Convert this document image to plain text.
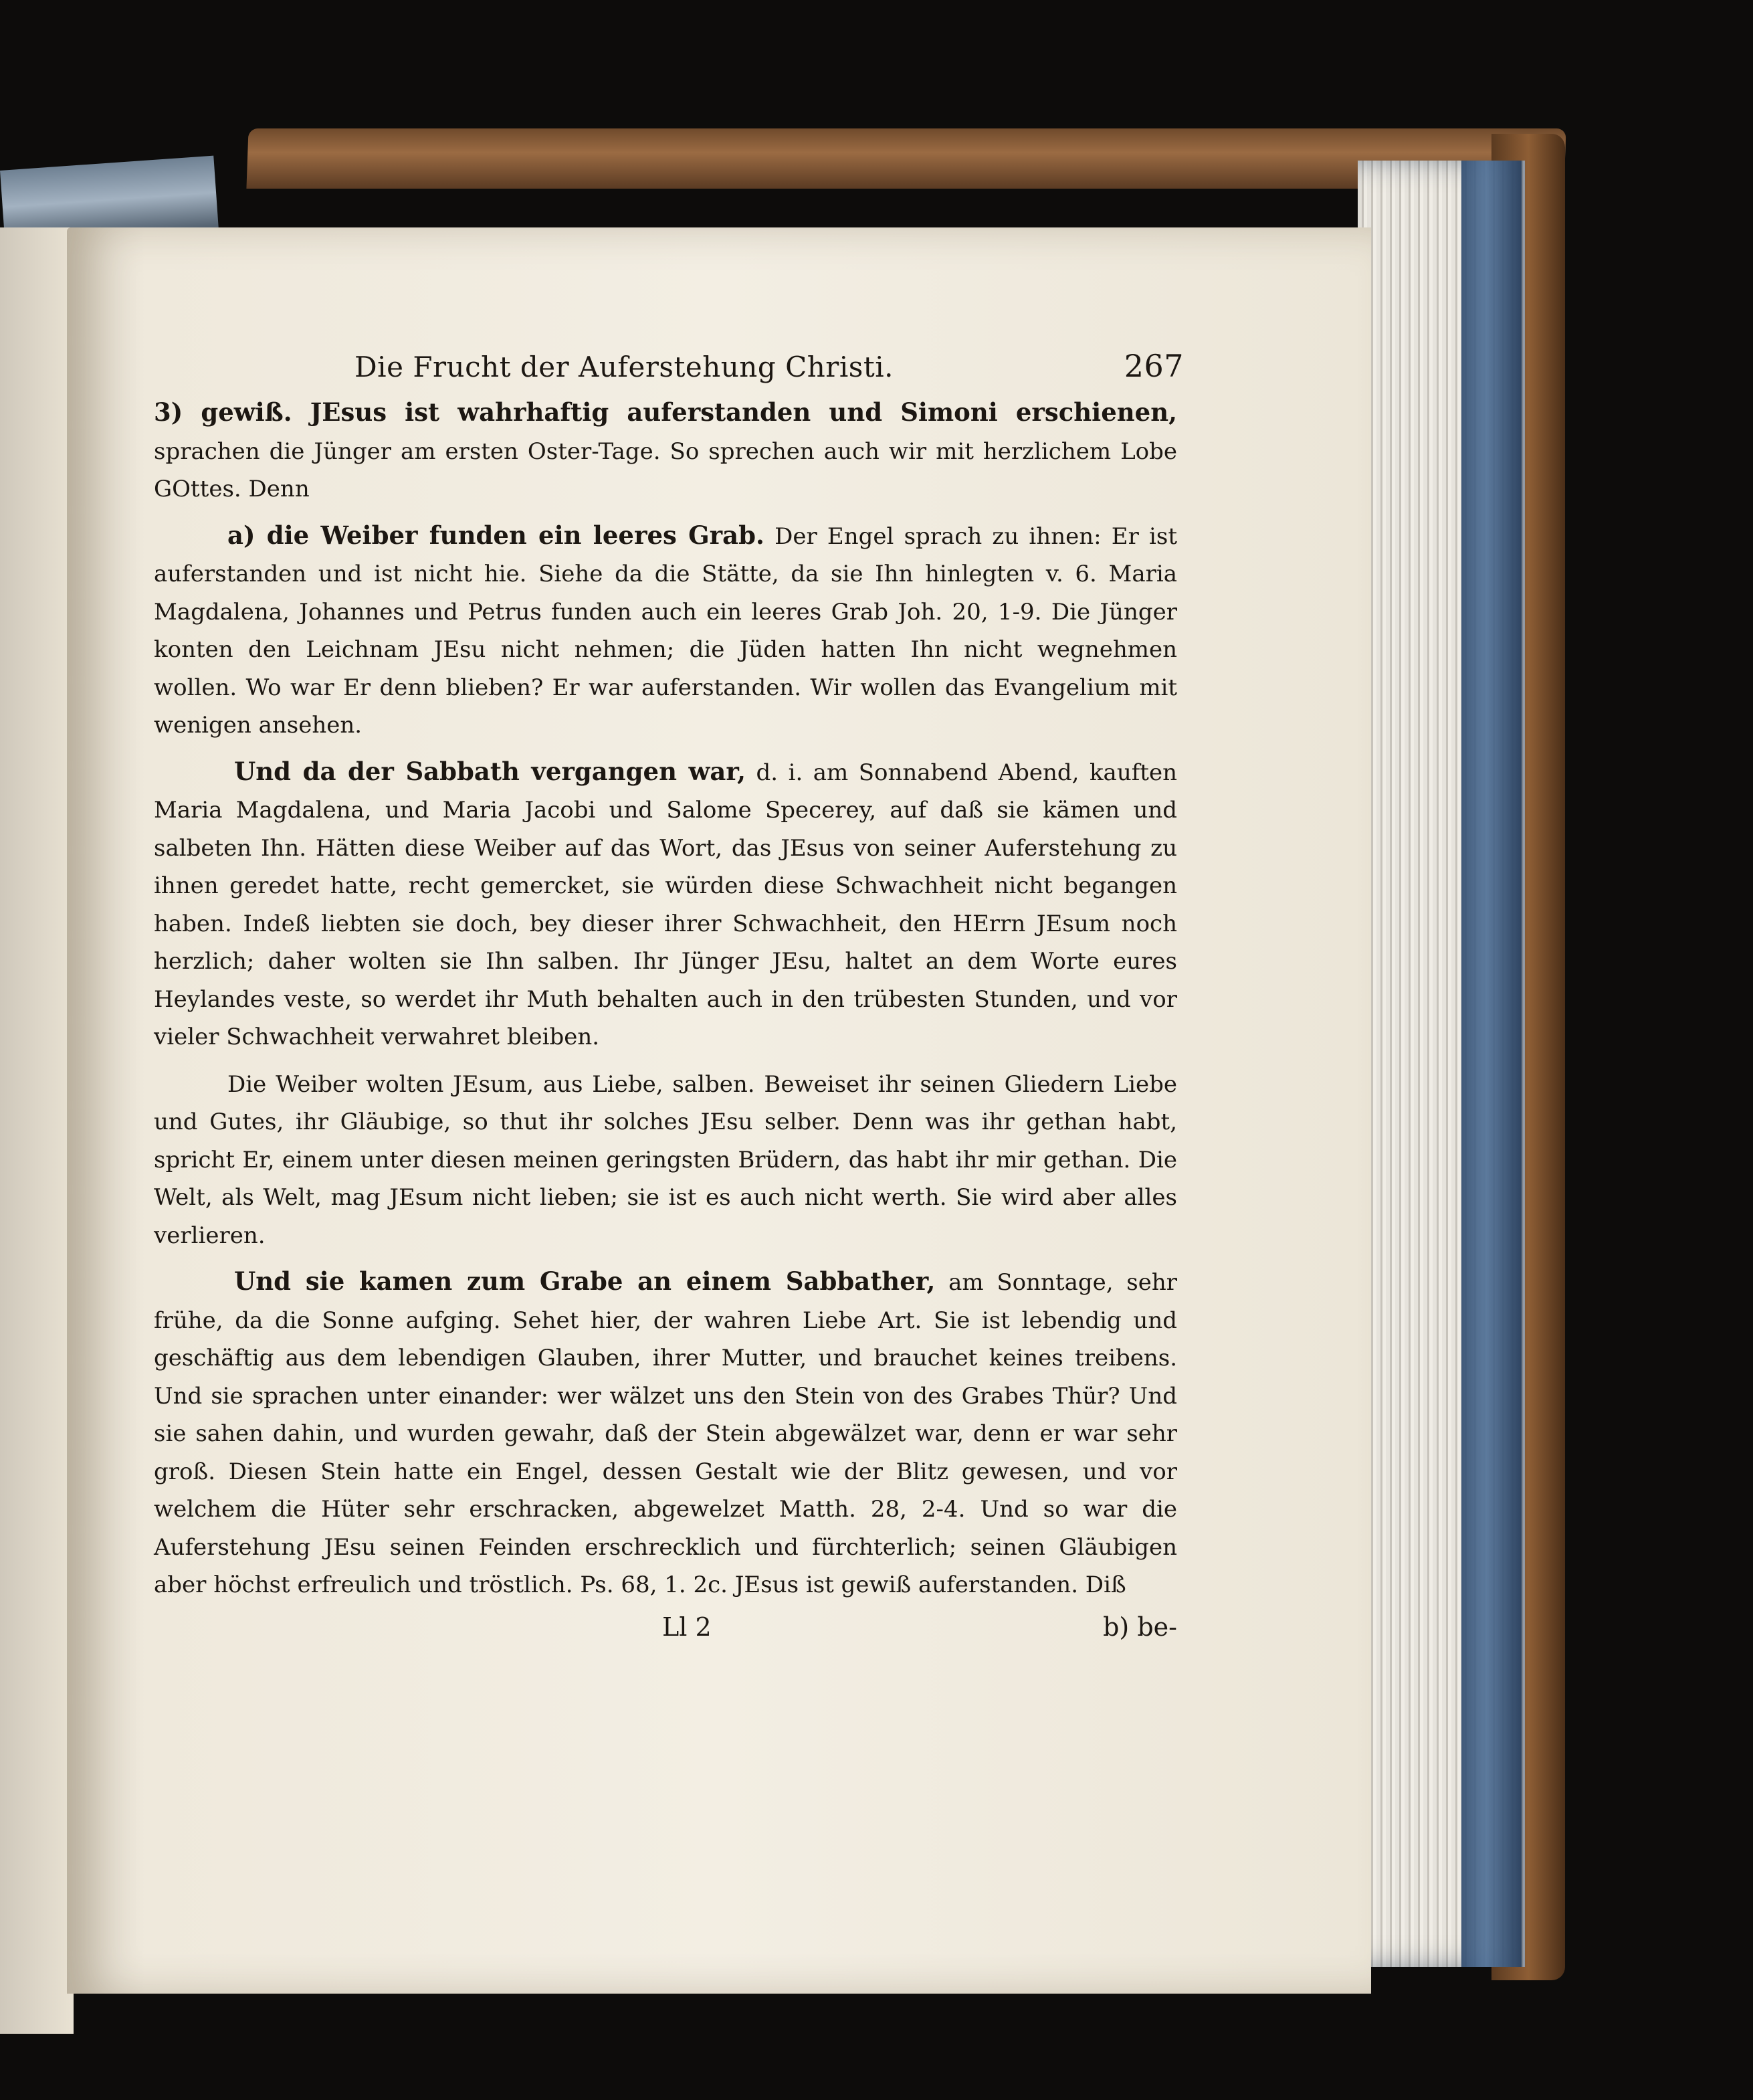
Die Frucht der Auferstehung Christi.	267

3) gewiß. JEsus ist wahrhaftig auferstanden und Simoni erschienen, sprachen die Jünger am ersten Oster-Tage. So sprechen auch wir mit herzlichem Lobe GOttes. Denn

a) die Weiber funden ein leeres Grab. Der Engel sprach zu ihnen: Er ist auferstanden und ist nicht hie. Siehe da die Stätte, da sie Ihn hinlegten v. 6. Maria Magdalena, Johannes und Petrus funden auch ein leeres Grab Joh. 20, 1-9. Die Jünger konten den Leichnam JEsu nicht nehmen; die Jüden hatten Ihn nicht wegnehmen wollen. Wo war Er denn blieben? Er war auferstanden. Wir wollen das Evangelium mit wenigen ansehen.

Und da der Sabbath vergangen war, d. i. am Sonnabend Abend, kauften Maria Magdalena, und Maria Jacobi und Salome Specerey, auf daß sie kämen und salbeten Ihn. Hätten diese Weiber auf das Wort, das JEsus von seiner Auferstehung zu ihnen geredet hatte, recht gemercket, sie würden diese Schwachheit nicht begangen haben. Indeß liebten sie doch, bey dieser ihrer Schwachheit, den HErrn JEsum noch herzlich; daher wolten sie Ihn salben. Ihr Jünger JEsu, haltet an dem Worte eures Heylandes veste, so werdet ihr Muth behalten auch in den trübesten Stunden, und vor vieler Schwachheit verwahret bleiben.

Die Weiber wolten JEsum, aus Liebe, salben. Beweiset ihr seinen Gliedern Liebe und Gutes, ihr Gläubige, so thut ihr solches JEsu selber. Denn was ihr gethan habt, spricht Er, einem unter diesen meinen geringsten Brüdern, das habt ihr mir gethan. Die Welt, als Welt, mag JEsum nicht lieben; sie ist es auch nicht werth. Sie wird aber alles verlieren.

Und sie kamen zum Grabe an einem Sabbather, am Sonntage, sehr frühe, da die Sonne aufging. Sehet hier, der wahren Liebe Art. Sie ist lebendig und geschäftig aus dem lebendigen Glauben, ihrer Mutter, und brauchet keines treibens. Und sie sprachen unter einander: wer wälzet uns den Stein von des Grabes Thür? Und sie sahen dahin, und wurden gewahr, daß der Stein abgewälzet war, denn er war sehr groß. Diesen Stein hatte ein Engel, dessen Gestalt wie der Blitz gewesen, und vor welchem die Hüter sehr erschracken, abgewelzet Matth. 28, 2-4. Und so war die Auferstehung JEsu seinen Feinden erschrecklich und fürchterlich; seinen Gläubigen aber höchst erfreulich und tröstlich. Ps. 68, 1. 2c. JEsus ist gewiß auferstanden. Diß

Ll 2	b) be-
